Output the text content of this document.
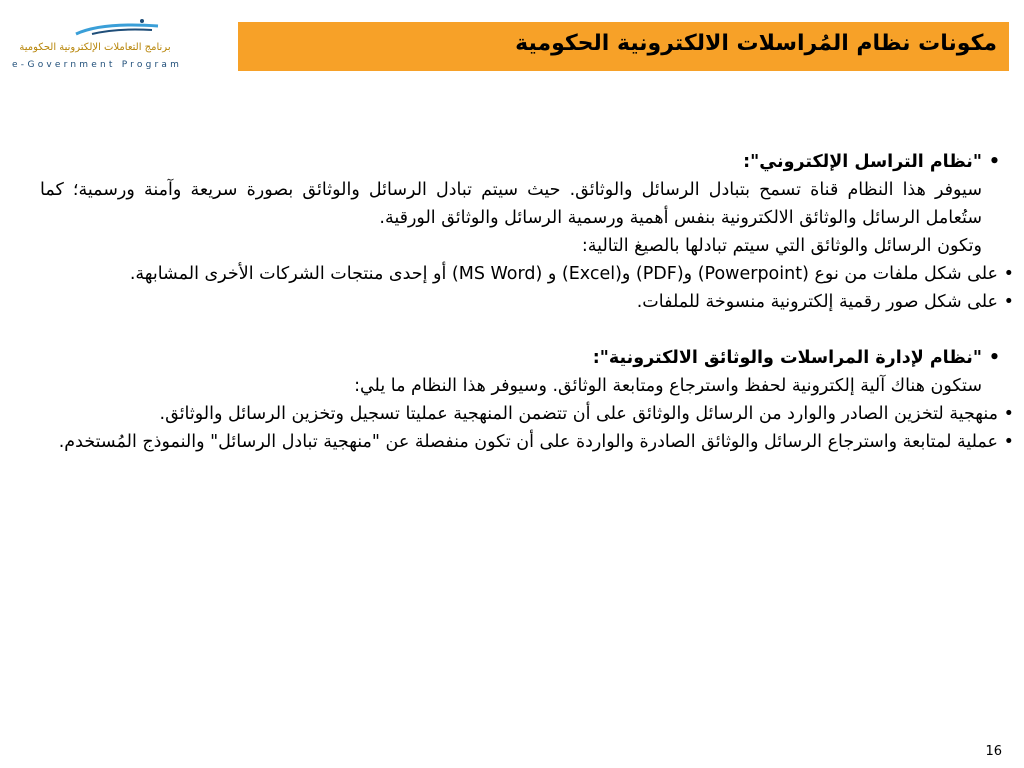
برنامج التعاملات الإلكترونية الحكومية
e-Government Program
مكونات نظام المُراسلات الالكترونية الحكومية
•
"نظام التراسل الإلكتروني":
سيوفر هذا النظام قناة تسمح بتبادل الرسائل والوثائق. حيث سيتم تبادل الرسائل والوثائق بصورة سريعة وآمنة ورسمية؛ كما ستُعامل الرسائل والوثائق الالكترونية بنفس أهمية ورسمية الرسائل والوثائق الورقية.
وتكون الرسائل والوثائق التي سيتم تبادلها بالصيغ التالية:
•
على شكل ملفات من نوع (Powerpoint) و(PDF) و(Excel) و (MS Word) أو إحدى منتجات الشركات الأخرى المشابهة.
•
على شكل صور رقمية إلكترونية منسوخة للملفات.
•
"نظام لإدارة المراسلات والوثائق الالكترونية":
ستكون هناك آلية إلكترونية لحفظ واسترجاع ومتابعة الوثائق. وسيوفر هذا النظام ما يلي:
•
منهجية لتخزين الصادر والوارد من الرسائل والوثائق على أن تتضمن المنهجية عمليتا تسجيل وتخزين الرسائل والوثائق.
•
عملية لمتابعة واسترجاع الرسائل والوثائق الصادرة والواردة على أن تكون منفصلة عن "منهجية تبادل الرسائل" والنموذج المُستخدم.
16
